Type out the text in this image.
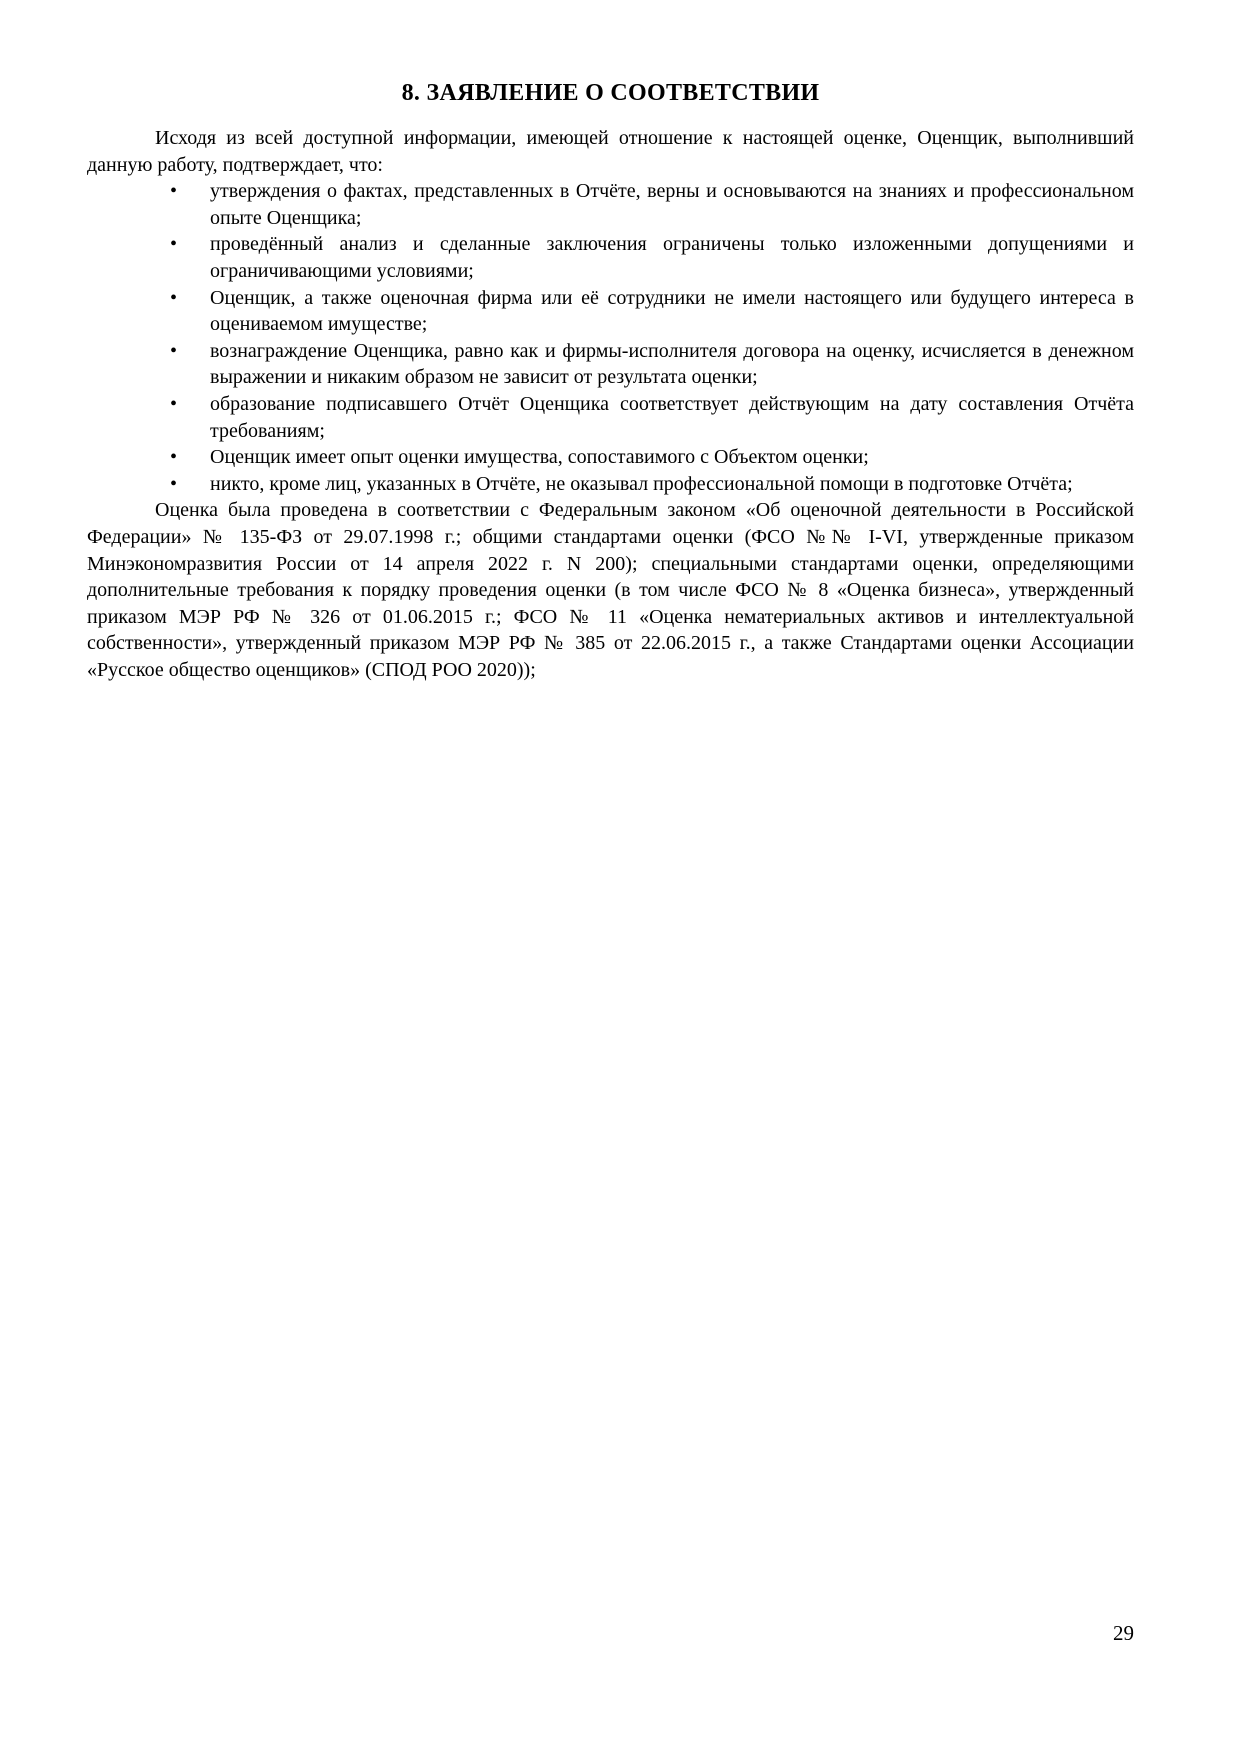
8. ЗАЯВЛЕНИЕ О СООТВЕТСТВИИ

Исходя из всей доступной информации, имеющей отношение к настоящей оценке, Оценщик, выполнивший данную работу, подтверждает, что:

• утверждения о фактах, представленных в Отчёте, верны и основываются на знаниях и профессиональном опыте Оценщика;
• проведённый анализ и сделанные заключения ограничены только изложенными допущениями и ограничивающими условиями;
• Оценщик, а также оценочная фирма или её сотрудники не имели настоящего или будущего интереса в оцениваемом имуществе;
• вознаграждение Оценщика, равно как и фирмы-исполнителя договора на оценку, исчисляется в денежном выражении и никаким образом не зависит от результата оценки;
• образование подписавшего Отчёт Оценщика соответствует действующим на дату составления Отчёта требованиям;
• Оценщик имеет опыт оценки имущества, сопоставимого с Объектом оценки;
• никто, кроме лиц, указанных в Отчёте, не оказывал профессиональной помощи в подготовке Отчёта;

Оценка была проведена в соответствии с Федеральным законом «Об оценочной деятельности в Российской Федерации» № 135-ФЗ от 29.07.1998 г.; общими стандартами оценки (ФСО №№ I-VI, утвержденные приказом Минэкономразвития России от 14 апреля 2022 г. N 200); специальными стандартами оценки, определяющими дополнительные требования к порядку проведения оценки (в том числе ФСО № 8 «Оценка бизнеса», утвержденный приказом МЭР РФ № 326 от 01.06.2015 г.; ФСО № 11 «Оценка нематериальных активов и интеллектуальной собственности», утвержденный приказом МЭР РФ № 385 от 22.06.2015 г., а также Стандартами оценки Ассоциации «Русское общество оценщиков» (СПОД РОО 2020));

29
